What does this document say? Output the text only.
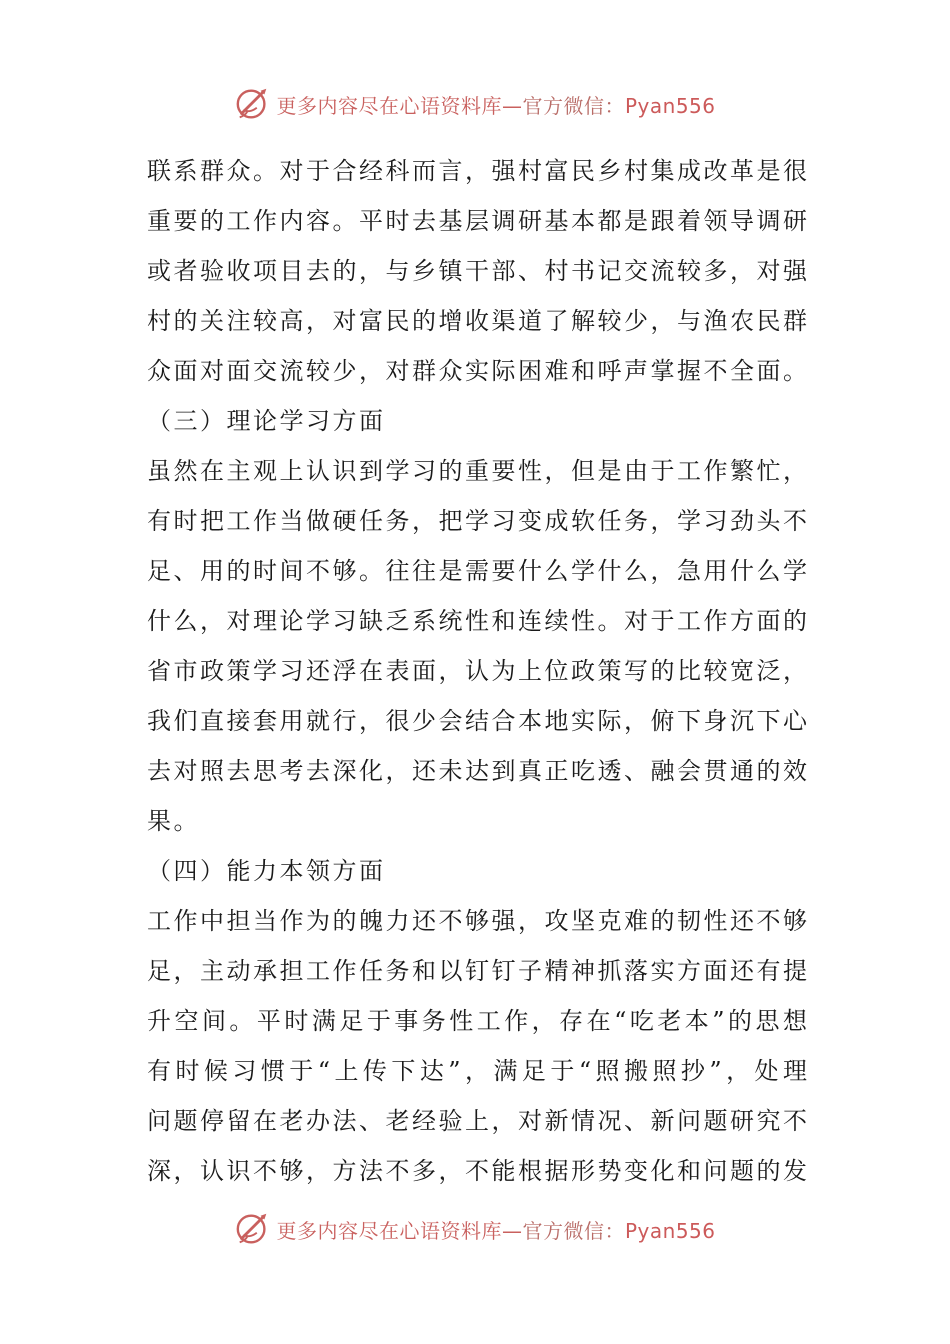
更多内容尽在心语资料库—官方微信：Pyan556
联系群众。对于合经科而言，强村富民乡村集成改革是很
重要的工作内容。平时去基层调研基本都是跟着领导调研
或者验收项目去的，与乡镇干部、村书记交流较多，对强
村的关注较高，对富民的增收渠道了解较少，与渔农民群
众面对面交流较少，对群众实际困难和呼声掌握不全面。
（三）理论学习方面
虽然在主观上认识到学习的重要性，但是由于工作繁忙，
有时把工作当做硬任务，把学习变成软任务，学习劲头不
足、用的时间不够。往往是需要什么学什么，急用什么学
什么，对理论学习缺乏系统性和连续性。对于工作方面的
省市政策学习还浮在表面，认为上位政策写的比较宽泛，
我们直接套用就行，很少会结合本地实际，俯下身沉下心
去对照去思考去深化，还未达到真正吃透、融会贯通的效
果。
（四）能力本领方面
工作中担当作为的魄力还不够强，攻坚克难的韧性还不够
足，主动承担工作任务和以钉钉子精神抓落实方面还有提
升空间。平时满足于事务性工作，存在“吃老本”的思想
有时候习惯于“上传下达”，满足于“照搬照抄”，处理
问题停留在老办法、老经验上，对新情况、新问题研究不
深，认识不够，方法不多，不能根据形势变化和问题的发
更多内容尽在心语资料库—官方微信：Pyan556
